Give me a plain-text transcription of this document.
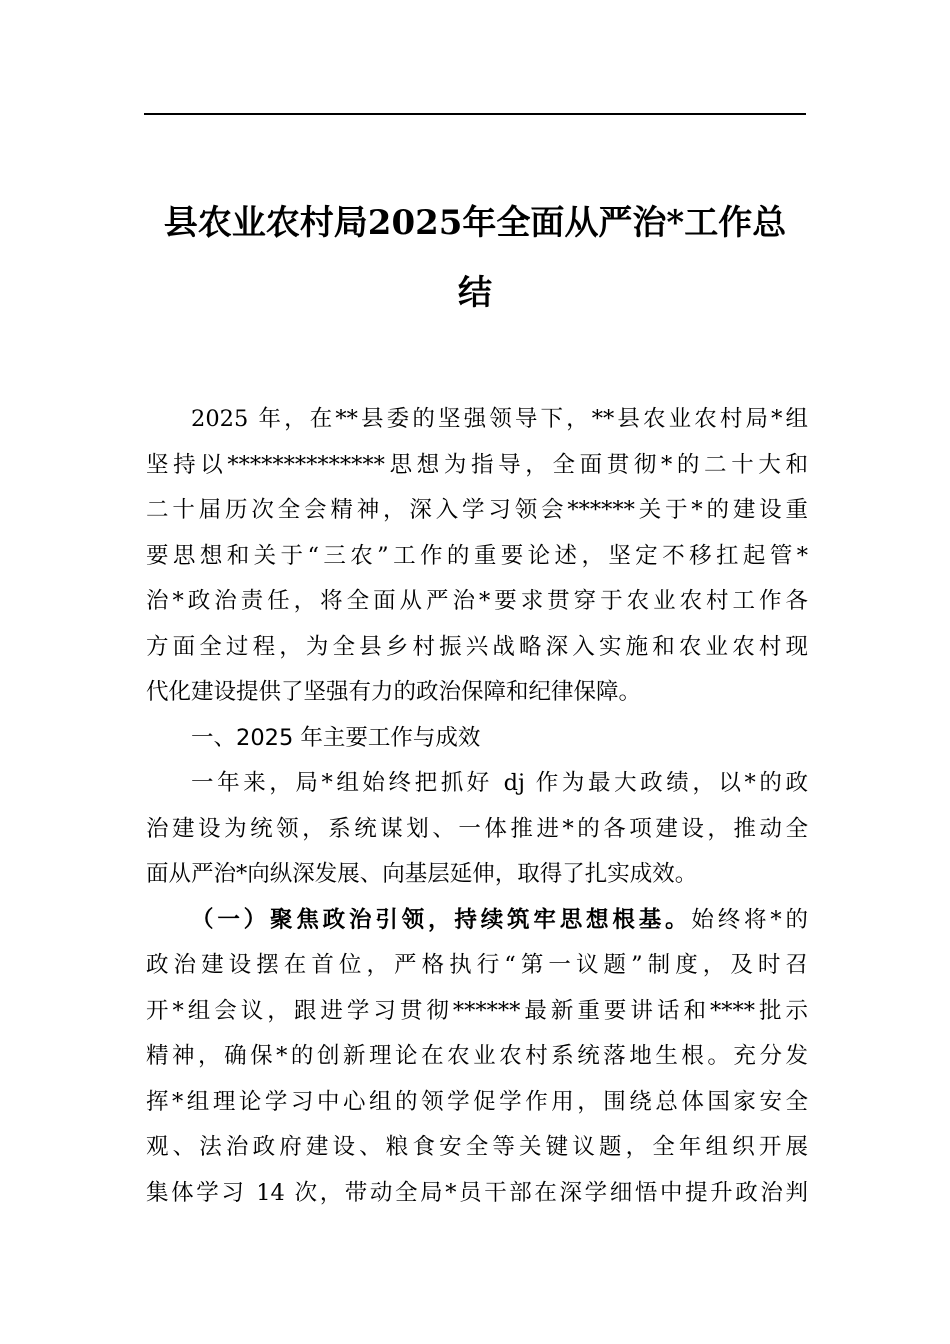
县农业农村局2025年全面从严治*工作总
结
2025 年，在**县委的坚强领导下，**县农业农村局*组
坚持以**************思想为指导，全面贯彻*的二十大和
二十届历次全会精神，深入学习领会******关于*的建设重
要思想和关于“三农”工作的重要论述，坚定不移扛起管*
治*政治责任，将全面从严治*要求贯穿于农业农村工作各
方面全过程，为全县乡村振兴战略深入实施和农业农村现
代化建设提供了坚强有力的政治保障和纪律保障。
一、2025 年主要工作与成效
一年来，局*组始终把抓好 dj 作为最大政绩，以*的政
治建设为统领，系统谋划、一体推进*的各项建设，推动全
面从严治*向纵深发展、向基层延伸，取得了扎实成效。
（一）聚焦政治引领，持续筑牢思想根基。始终将*的
政治建设摆在首位，严格执行“第一议题”制度，及时召
开*组会议，跟进学习贯彻******最新重要讲话和****批示
精神，确保*的创新理论在农业农村系统落地生根。充分发
挥*组理论学习中心组的领学促学作用，围绕总体国家安全
观、法治政府建设、粮食安全等关键议题，全年组织开展
集体学习 14 次，带动全局*员干部在深学细悟中提升政治判
